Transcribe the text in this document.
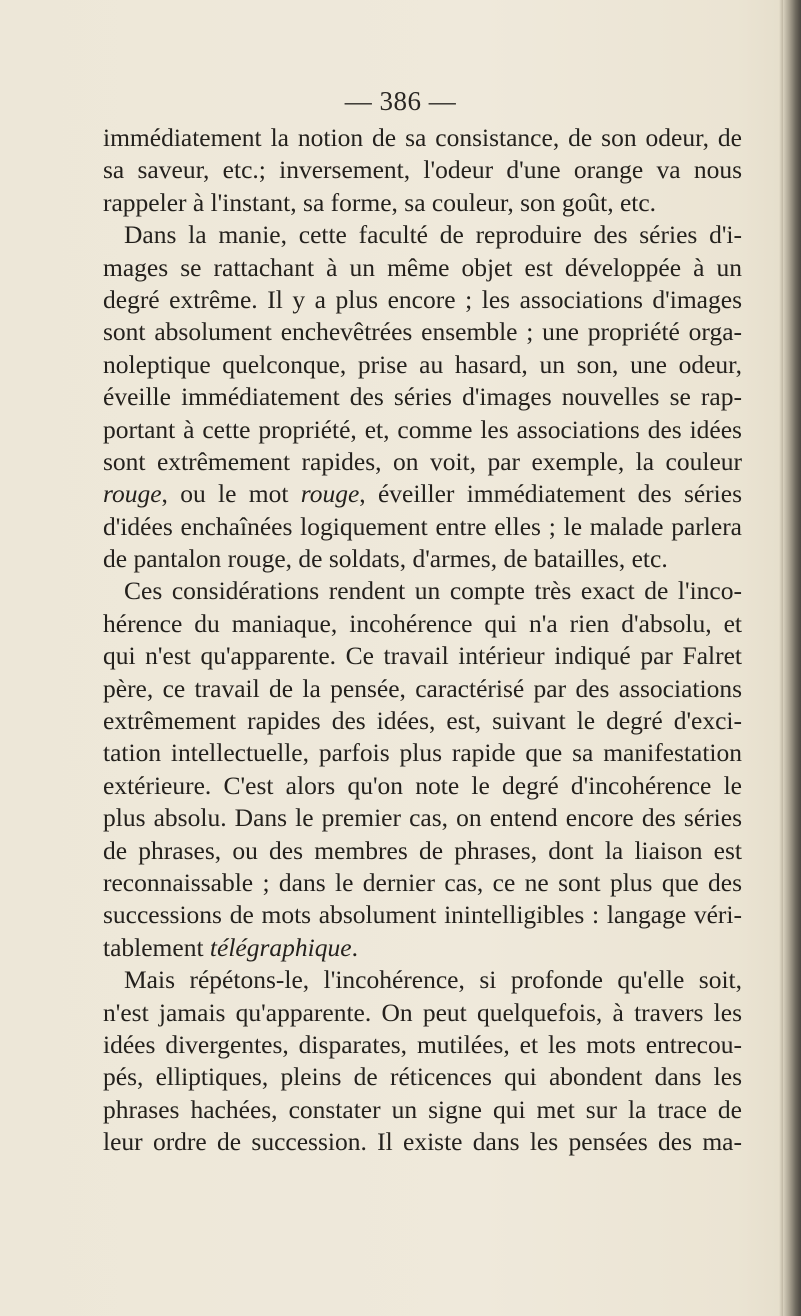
— 386 —
immédiatement la notion de sa consistance, de son odeur, de
sa saveur, etc.; inversement, l'odeur d'une orange va nous
rappeler à l'instant, sa forme, sa couleur, son goût, etc.
Dans la manie, cette faculté de reproduire des séries d'i-
mages se rattachant à un même objet est développée à un
degré extrême. Il y a plus encore ; les associations d'images
sont absolument enchevêtrées ensemble ; une propriété orga-
noleptique quelconque, prise au hasard, un son, une odeur,
éveille immédiatement des séries d'images nouvelles se rap-
portant à cette propriété, et, comme les associations des idées
sont extrêmement rapides, on voit, par exemple, la couleur
rouge, ou le mot rouge, éveiller immédiatement des séries
d'idées enchaînées logiquement entre elles ; le malade parlera
de pantalon rouge, de soldats, d'armes, de batailles, etc.
Ces considérations rendent un compte très exact de l'inco-
hérence du maniaque, incohérence qui n'a rien d'absolu, et
qui n'est qu'apparente. Ce travail intérieur indiqué par Falret
père, ce travail de la pensée, caractérisé par des associations
extrêmement rapides des idées, est, suivant le degré d'exci-
tation intellectuelle, parfois plus rapide que sa manifestation
extérieure. C'est alors qu'on note le degré d'incohérence le
plus absolu. Dans le premier cas, on entend encore des séries
de phrases, ou des membres de phrases, dont la liaison est
reconnaissable ; dans le dernier cas, ce ne sont plus que des
successions de mots absolument inintelligibles : langage véri-
tablement télégraphique.
Mais répétons-le, l'incohérence, si profonde qu'elle soit,
n'est jamais qu'apparente. On peut quelquefois, à travers les
idées divergentes, disparates, mutilées, et les mots entrecou-
pés, elliptiques, pleins de réticences qui abondent dans les
phrases hachées, constater un signe qui met sur la trace de
leur ordre de succession. Il existe dans les pensées des ma-
